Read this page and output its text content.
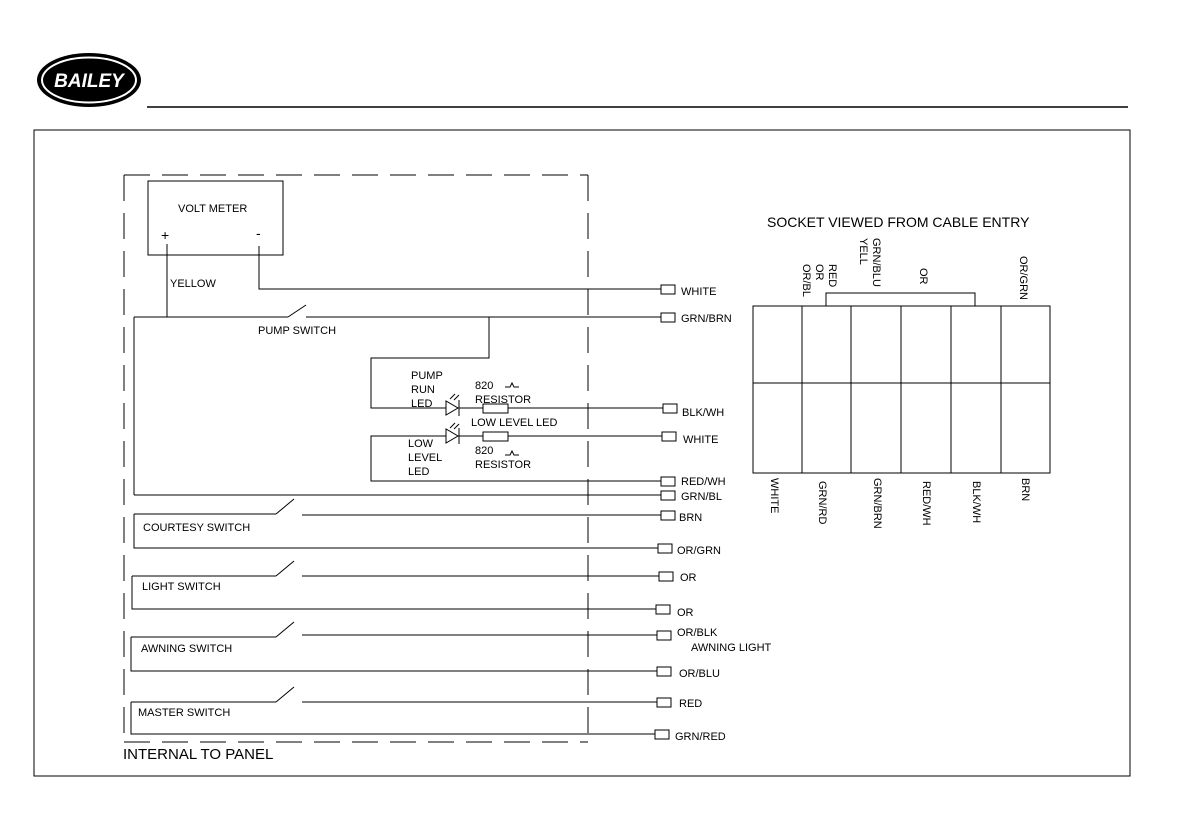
BAILEY
INTERNAL TO PANEL
VOLT METER
+	-
YELLOW
PUMP SWITCH
PUMP
RUN
LED
820
RESISTOR
LOW LEVEL LED
LOW
LEVEL
LED
820
RESISTOR
COURTESY SWITCH
LIGHT SWITCH
AWNING SWITCH
MASTER SWITCH
WHITE
GRN/BRN
BLK/WH
WHITE
RED/WH
GRN/BL
BRN
OR/GRN
OR
OR
OR/BLK
AWNING LIGHT
OR/BLU
RED
GRN/RED
SOCKET VIEWED FROM CABLE ENTRY
RED
OR
OR/BL	GRN/BLU
YELL
OR	OR/GRN
WHITE	GRN/RD	GRN/BRN	RED/WH	BLK/WH	BRN
